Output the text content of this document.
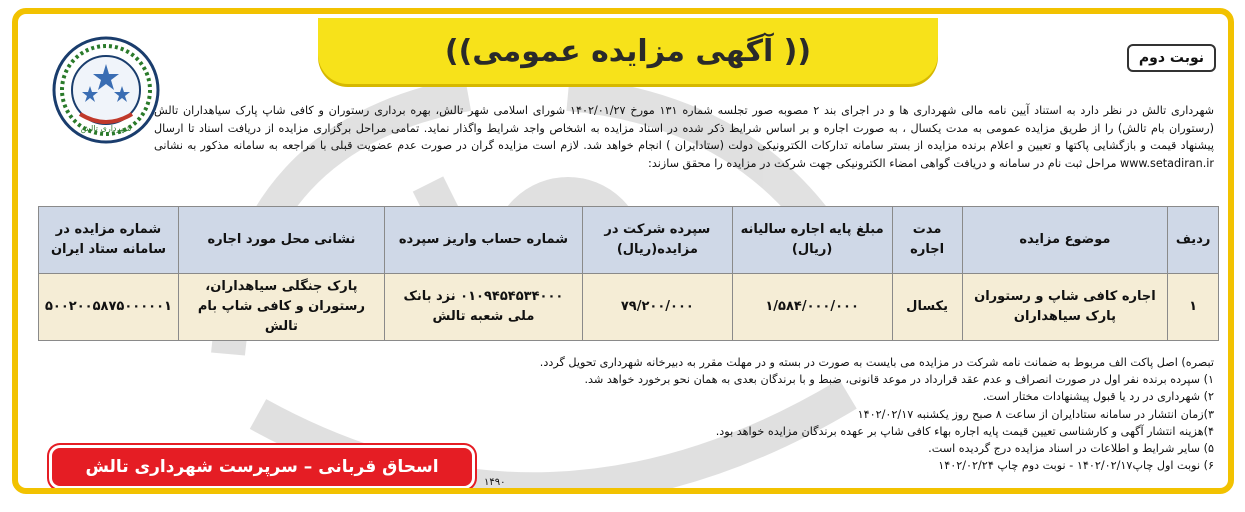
(( آگهی مزایده عمومی))	نوبت دوم
شهرداری تالش
شهرداری تالش در نظر دارد به استناد آیین نامه مالی شهرداری ها و در اجرای بند ۲ مصوبه صور تجلسه شماره ۱۳۱ مورخ ۱۴۰۲/۰۱/۲۷ شورای اسلامی شهر تالش، بهره برداری رستوران و کافی شاپ پارک سیاهداران تالش (رستوران بام تالش) را از طریق مزایده عمومی به مدت یکسال ، به صورت اجاره و بر اساس شرایط ذکر شده در اسناد مزایده به اشخاص واجد شرایط واگذار نماید. تمامی مراحل برگزاری مزایده از دریافت اسناد تا ارسال پیشنهاد قیمت و بازگشایی پاکتها و تعیین و اعلام برنده مزایده از بستر سامانه تدارکات الکترونیکی دولت (ستادایران ) انجام خواهد شد. لازم است مزایده گران در صورت عدم عضویت قبلی با مراجعه به سامانه مذکور به نشانی www.setadiran.ir مراحل ثبت نام در سامانه و دریافت گواهی امضاء الکترونیکی جهت شرکت در مزایده را محقق سازند:
ردیف	موضوع مزایده	مدت اجاره	مبلغ پایه اجاره سالیانه (ریال)	سپرده شرکت در مزایده(ریال)	شماره حساب واریز سپرده	نشانی محل مورد اجاره	شماره مزایده در سامانه ستاد ایران
۱	اجاره کافی شاپ و رستوران پارک سیاهداران	یکسال	۱/۵۸۴/۰۰۰/۰۰۰	۷۹/۲۰۰/۰۰۰	۰۱۰۹۴۵۴۵۳۴۰۰۰ نزد بانک ملی شعبه تالش	پارک جنگلی سیاهداران، رستوران و کافی شاپ بام تالش	۵۰۰۲۰۰۵۸۷۵۰۰۰۰۰۱
تبصره) اصل پاکت الف مربوط به ضمانت نامه شرکت در مزایده می بایست به صورت در بسته و در مهلت مقرر به دبیرخانه شهرداری تحویل گردد.
۱) سپرده برنده نفر اول در صورت انصراف و عدم عقد قرارداد در موعد قانونی، ضبط و با برندگان بعدی به همان نحو برخورد خواهد شد.
۲) شهرداری در رد یا قبول پیشنهادات مختار است.
۳)زمان انتشار در سامانه ستادایران از ساعت ۸ صبح روز یکشنبه ۱۴۰۲/۰۲/۱۷
۴)هزینه انتشار آگهی و کارشناسی تعیین قیمت پایه اجاره بهاء کافی شاپ بر عهده برندگان مزایده خواهد بود.
۵) سایر شرایط و اطلاعات در اسناد مزایده درج گردیده است.
۶) نوبت اول چاپ۱۴۰۲/۰۲/۱۷ - نوبت دوم چاپ ۱۴۰۲/۰۲/۲۴
اسحاق قربانی – سرپرست شهرداری تالش
۱۴۹۰
